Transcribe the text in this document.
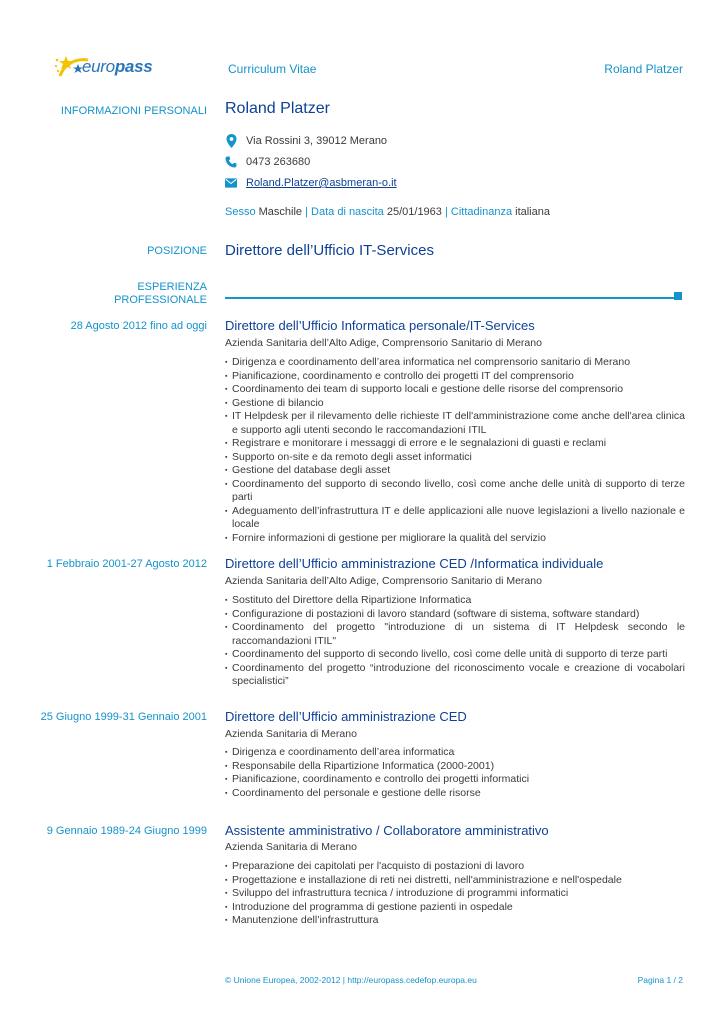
europass	Curriculum Vitae	Roland Platzer
INFORMAZIONI PERSONALI Roland Platzer
Via Rossini 3, 39012 Merano
0473 263680
Roland.Platzer@asbmeran-o.it
Sesso Maschile | Data di nascita 25/01/1963 | Cittadinanza italiana
POSIZIONE Direttore dell’Ufficio IT-Services
ESPERIENZA
PROFESSIONALE
28 Agosto 2012 fino ad oggi Direttore dell’Ufficio Informatica personale/IT-Services
Azienda Sanitaria dell’Alto Adige, Comprensorio Sanitario di Merano
▪ Dirigenza e coordinamento dell’area informatica nel comprensorio sanitario di Merano
▪ Pianificazione, coordinamento e controllo dei progetti IT del comprensorio
▪ Coordinamento dei team di supporto locali e gestione delle risorse del comprensorio
▪ Gestione di bilancio
▪ IT Helpdesk per il rilevamento delle richieste IT dell'amministrazione come anche dell'area clinica e supporto agli utenti secondo le raccomandazioni ITIL
▪ Registrare e monitorare i messaggi di errore e le segnalazioni di guasti e reclami
▪ Supporto on-site e da remoto degli asset informatici
▪ Gestione del database degli asset
▪ Coordinamento del supporto di secondo livello, così come anche delle unità di supporto di terze parti
▪ Adeguamento dell’infrastruttura IT e delle applicazioni alle nuove legislazioni a livello nazionale e locale
▪ Fornire informazioni di gestione per migliorare la qualità del servizio
1 Febbraio 2001-27 Agosto 2012 Direttore dell’Ufficio amministrazione CED /Informatica individuale
Azienda Sanitaria dell’Alto Adige, Comprensorio Sanitario di Merano
▪ Sostituto del Direttore della Ripartizione Informatica
▪ Configurazione di postazioni di lavoro standard (software di sistema, software standard)
▪ Coordinamento del progetto "introduzione di un sistema di IT Helpdesk secondo le raccomandazioni ITIL"
▪ Coordinamento del supporto di secondo livello, così come delle unità di supporto di terze parti
▪ Coordinamento del progetto “introduzione del riconoscimento vocale e creazione di vocabolari specialistici”
25 Giugno 1999-31 Gennaio 2001 Direttore dell’Ufficio amministrazione CED
Azienda Sanitaria di Merano
▪ Dirigenza e coordinamento dell’area informatica
▪ Responsabile della Ripartizione Informatica (2000-2001)
▪ Pianificazione, coordinamento e controllo dei progetti informatici
▪ Coordinamento del personale e gestione delle risorse
9 Gennaio 1989-24 Giugno 1999 Assistente amministrativo / Collaboratore amministrativo
Azienda Sanitaria di Merano
▪ Preparazione dei capitolati per l'acquisto di postazioni di lavoro
▪ Progettazione e installazione di reti nei distretti, nell'amministrazione e nell'ospedale
▪ Sviluppo del infrastruttura tecnica / introduzione di programmi informatici
▪ Introduzione del programma di gestione pazienti in ospedale
▪ Manutenzione dell’infrastruttura
© Unione Europea, 2002-2012 | http://europass.cedefop.europa.eu	Pagina 1 / 2
